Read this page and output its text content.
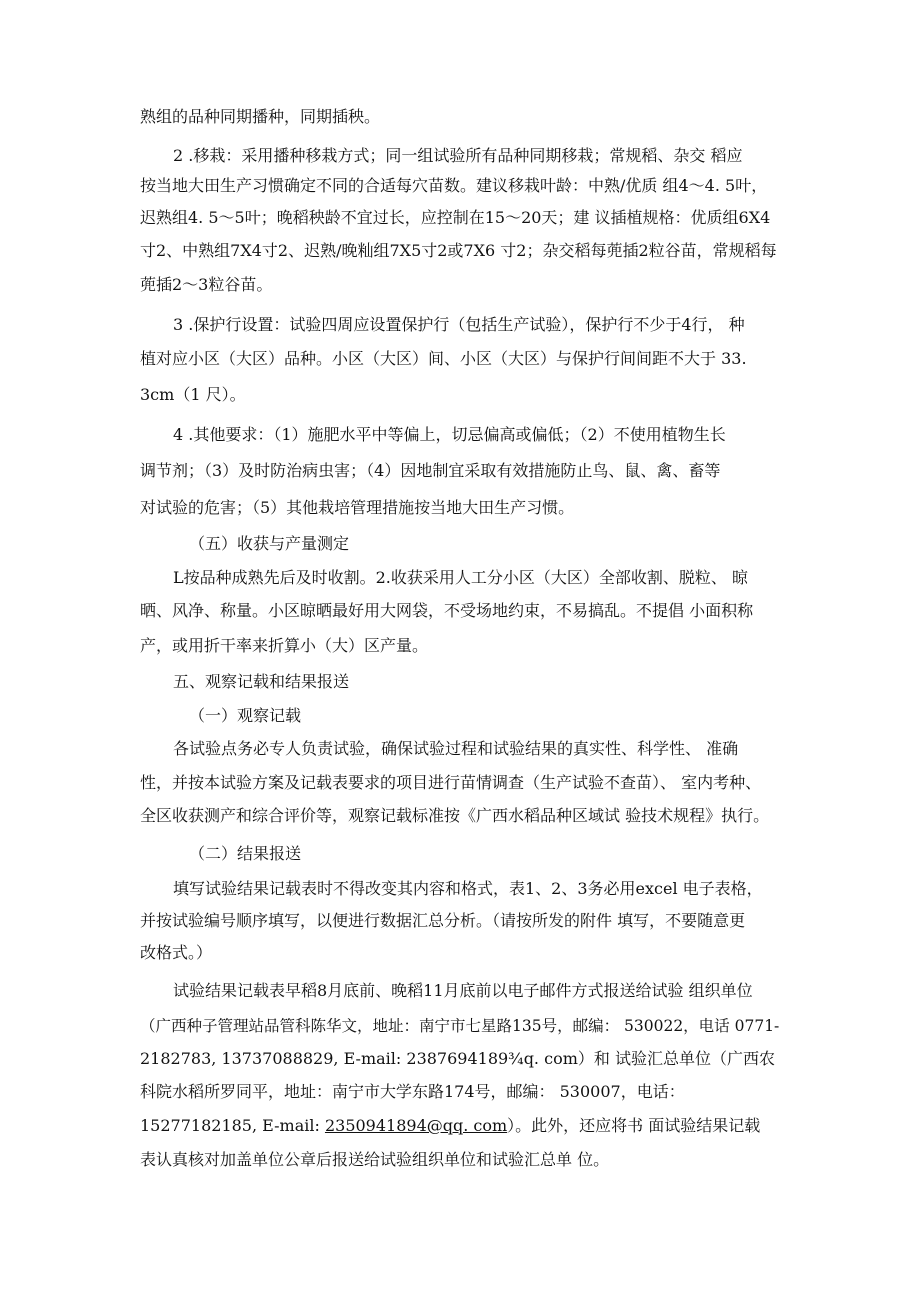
熟组的品种同期播种，同期插秧。
2 .移栽：采用播种移栽方式；同一组试验所有品种同期移栽；常规稻、杂交 稻应
按当地大田生产习惯确定不同的合适每穴苗数。建议移栽叶龄：中熟/优质 组4～4. 5叶，
迟熟组4. 5～5叶；晚稻秧龄不宜过长，应控制在15～20天；建 议插植规格：优质组6X4
寸2、中熟组7X4寸2、迟熟/晚籼组7X5寸2或7X6 寸2；杂交稻每蔸插2粒谷苗，常规稻每
蔸插2～3粒谷苗。
3 .保护行设置：试验四周应设置保护行（包括生产试验），保护行不少于4行， 种
植对应小区（大区）品种。小区（大区）间、小区（大区）与保护行间间距不大于 33.
3cm（1 尺）。
4 .其他要求：（1）施肥水平中等偏上，切忌偏高或偏低；（2）不使用植物生长
调节剂；（3）及时防治病虫害；（4）因地制宜采取有效措施防止鸟、鼠、禽、畜等
对试验的危害；（5）其他栽培管理措施按当地大田生产习惯。
（五）收获与产量测定
L按品种成熟先后及时收割。2.收获采用人工分小区（大区）全部收割、脱粒、 晾
晒、风净、称量。小区晾晒最好用大网袋，不受场地约束，不易搞乱。不提倡 小面积称
产，或用折干率来折算小（大）区产量。
五、观察记载和结果报送
（一）观察记载
各试验点务必专人负责试验，确保试验过程和试验结果的真实性、科学性、 准确
性，并按本试验方案及记载表要求的项目进行苗情调查（生产试验不查苗）、 室内考种、
全区收获测产和综合评价等，观察记载标准按《广西水稻品种区域试 验技术规程》执行。
（二）结果报送
填写试验结果记载表时不得改变其内容和格式，表1、2、3务必用excel 电子表格，
并按试验编号顺序填写，以便进行数据汇总分析。（请按所发的附件 填写，不要随意更
改格式。）
试验结果记载表早稻8月底前、晚稻11月底前以电子邮件方式报送给试验 组织单位
（广西种子管理站品管科陈华文，地址：南宁市七星路135号，邮编： 530022，电话 0771-
2182783, 13737088829, E-mail: 2387694189¾q. com）和 试验汇总单位（广西农
科院水稻所罗同平，地址：南宁市大学东路174号，邮编： 530007，电话：
15277182185, E-mail: 2350941894@qq. com）。此外，还应将书 面试验结果记载
表认真核对加盖单位公章后报送给试验组织单位和试验汇总单 位。
